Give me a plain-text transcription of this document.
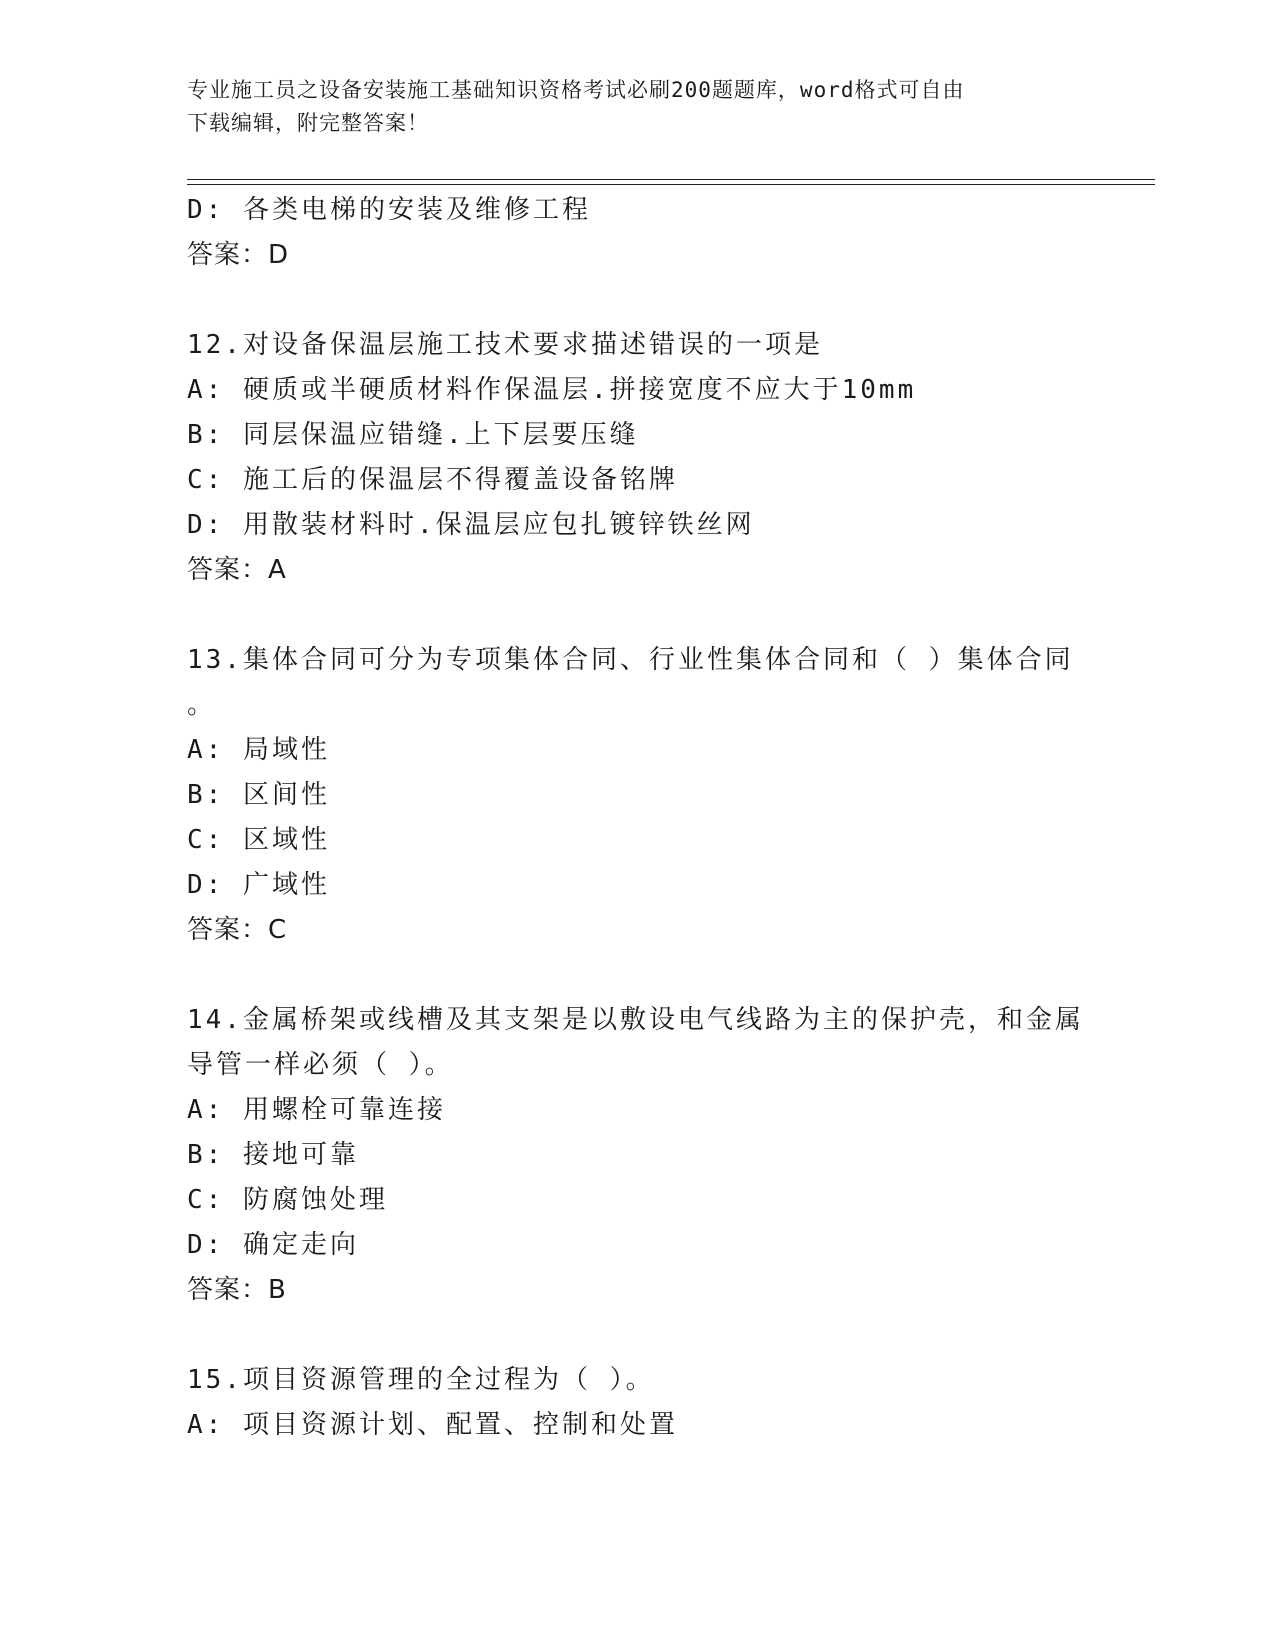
专业施工员之设备安装施工基础知识资格考试必刷200题题库，word格式可自由
下载编辑，附完整答案！
D: 各类电梯的安装及维修工程
答案：D
12.对设备保温层施工技术要求描述错误的一项是
A: 硬质或半硬质材料作保温层.拼接宽度不应大于10mm
B: 同层保温应错缝.上下层要压缝
C: 施工后的保温层不得覆盖设备铭牌
D: 用散装材料时.保温层应包扎镀锌铁丝网
答案：A
13.集体合同可分为专项集体合同、行业性集体合同和（ ）集体合同
。
A: 局域性
B: 区间性
C: 区域性
D: 广域性
答案：C
14.金属桥架或线槽及其支架是以敷设电气线路为主的保护壳，和金属
导管一样必须（ ）。
A: 用螺栓可靠连接
B: 接地可靠
C: 防腐蚀处理
D: 确定走向
答案：B
15.项目资源管理的全过程为（ ）。
A: 项目资源计划、配置、控制和处置
